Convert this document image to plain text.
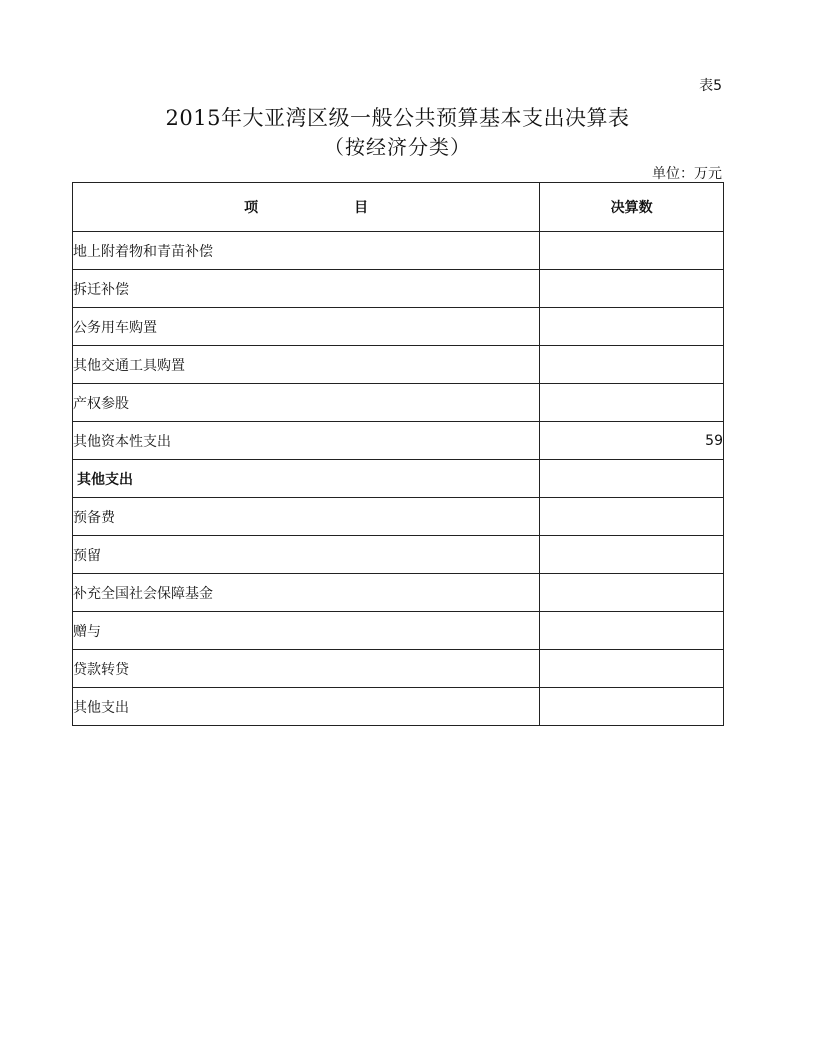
表5
2015年大亚湾区级一般公共预算基本支出决算表
（按经济分类）
单位：万元
项 目	决算数
地上附着物和青苗补偿	
拆迁补偿	
公务用车购置	
其他交通工具购置	
产权参股	
其他资本性支出	59
其他支出	
预备费	
预留	
补充全国社会保障基金	
赠与	
贷款转贷	
其他支出	
